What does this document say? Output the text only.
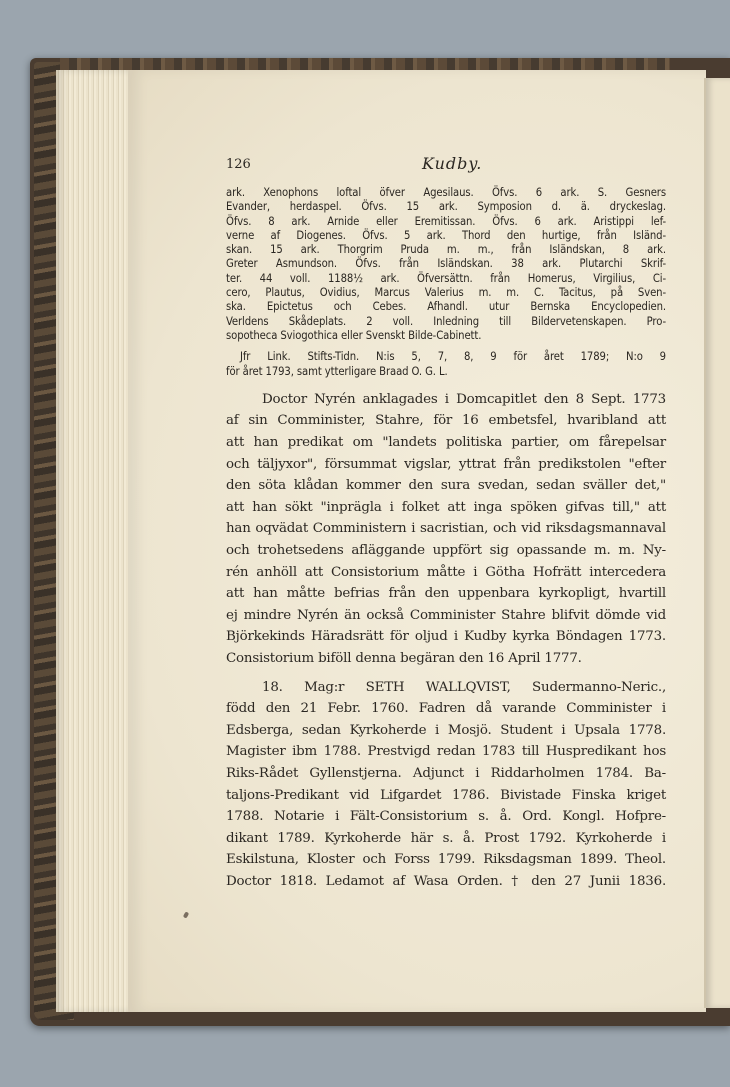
126	Kudby.
ark. Xenophons loftal öfver Agesilaus. Öfvs. 6 ark. S. Gesners
Evander, herdaspel. Öfvs. 15 ark. Symposion d. ä. dryckeslag.
Öfvs. 8 ark. Arnide eller Eremitissan. Öfvs. 6 ark. Aristippi lef-
verne af Diogenes. Öfvs. 5 ark. Thord den hurtige, från Isländ-
skan. 15 ark. Thorgrim Pruda m. m., från Isländskan, 8 ark.
Greter Asmundson. Öfvs. från Isländskan. 38 ark. Plutarchi Skrif-
ter. 44 voll. 1188½ ark. Öfversättn. från Homerus, Virgilius, Ci-
cero, Plautus, Ovidius, Marcus Valerius m. m. C. Tacitus, på Sven-
ska. Epictetus och Cebes. Afhandl. utur Bernska Encyclopedien.
Verldens Skådeplats. 2 voll. Inledning till Bildervetenskapen. Pro-
sopotheca Sviogothica eller Svenskt Bilde-Cabinett.
Jfr Link. Stifts-Tidn. N:is 5, 7, 8, 9 för året 1789; N:o 9
för året 1793, samt ytterligare Braad O. G. L.
Doctor Nyrén anklagades i Domcapitlet den 8 Sept. 1773
af sin Comminister, Stahre, för 16 embetsfel, hvaribland att
att han predikat om "landets politiska partier, om fårepelsar
och täljyxor", försummat vigslar, yttrat från predikstolen "efter
den söta klådan kommer den sura svedan, sedan sväller det,"
att han sökt "inprägla i folket att inga spöken gifvas till," att
han oqvädat Comministern i sacristian, och vid riksdagsmannaval
och trohetsedens afläggande uppfört sig opassande m. m. Ny-
rén anhöll att Consistorium måtte i Götha Hofrätt intercedera
att han måtte befrias från den uppenbara kyrkopligt, hvartill
ej mindre Nyrén än också Comminister Stahre blifvit dömde vid
Björkekinds Häradsrätt för oljud i Kudby kyrka Böndagen 1773.
Consistorium biföll denna begäran den 16 April 1777.
18. Mag:r SETH WALLQVIST, Sudermanno-Neric.,
född den 21 Febr. 1760. Fadren då varande Comminister i
Edsberga, sedan Kyrkoherde i Mosjö. Student i Upsala 1778.
Magister ibm 1788. Prestvigd redan 1783 till Huspredikant hos
Riks-Rådet Gyllenstjerna. Adjunct i Riddarholmen 1784. Ba-
taljons-Predikant vid Lifgardet 1786. Bivistade Finska kriget
1788. Notarie i Fält-Consistorium s. å. Ord. Kongl. Hofpre-
dikant 1789. Kyrkoherde här s. å. Prost 1792. Kyrkoherde i
Eskilstuna, Kloster och Forss 1799. Riksdagsman 1899. Theol.
Doctor 1818. Ledamot af Wasa Orden. † den 27 Junii 1836.
